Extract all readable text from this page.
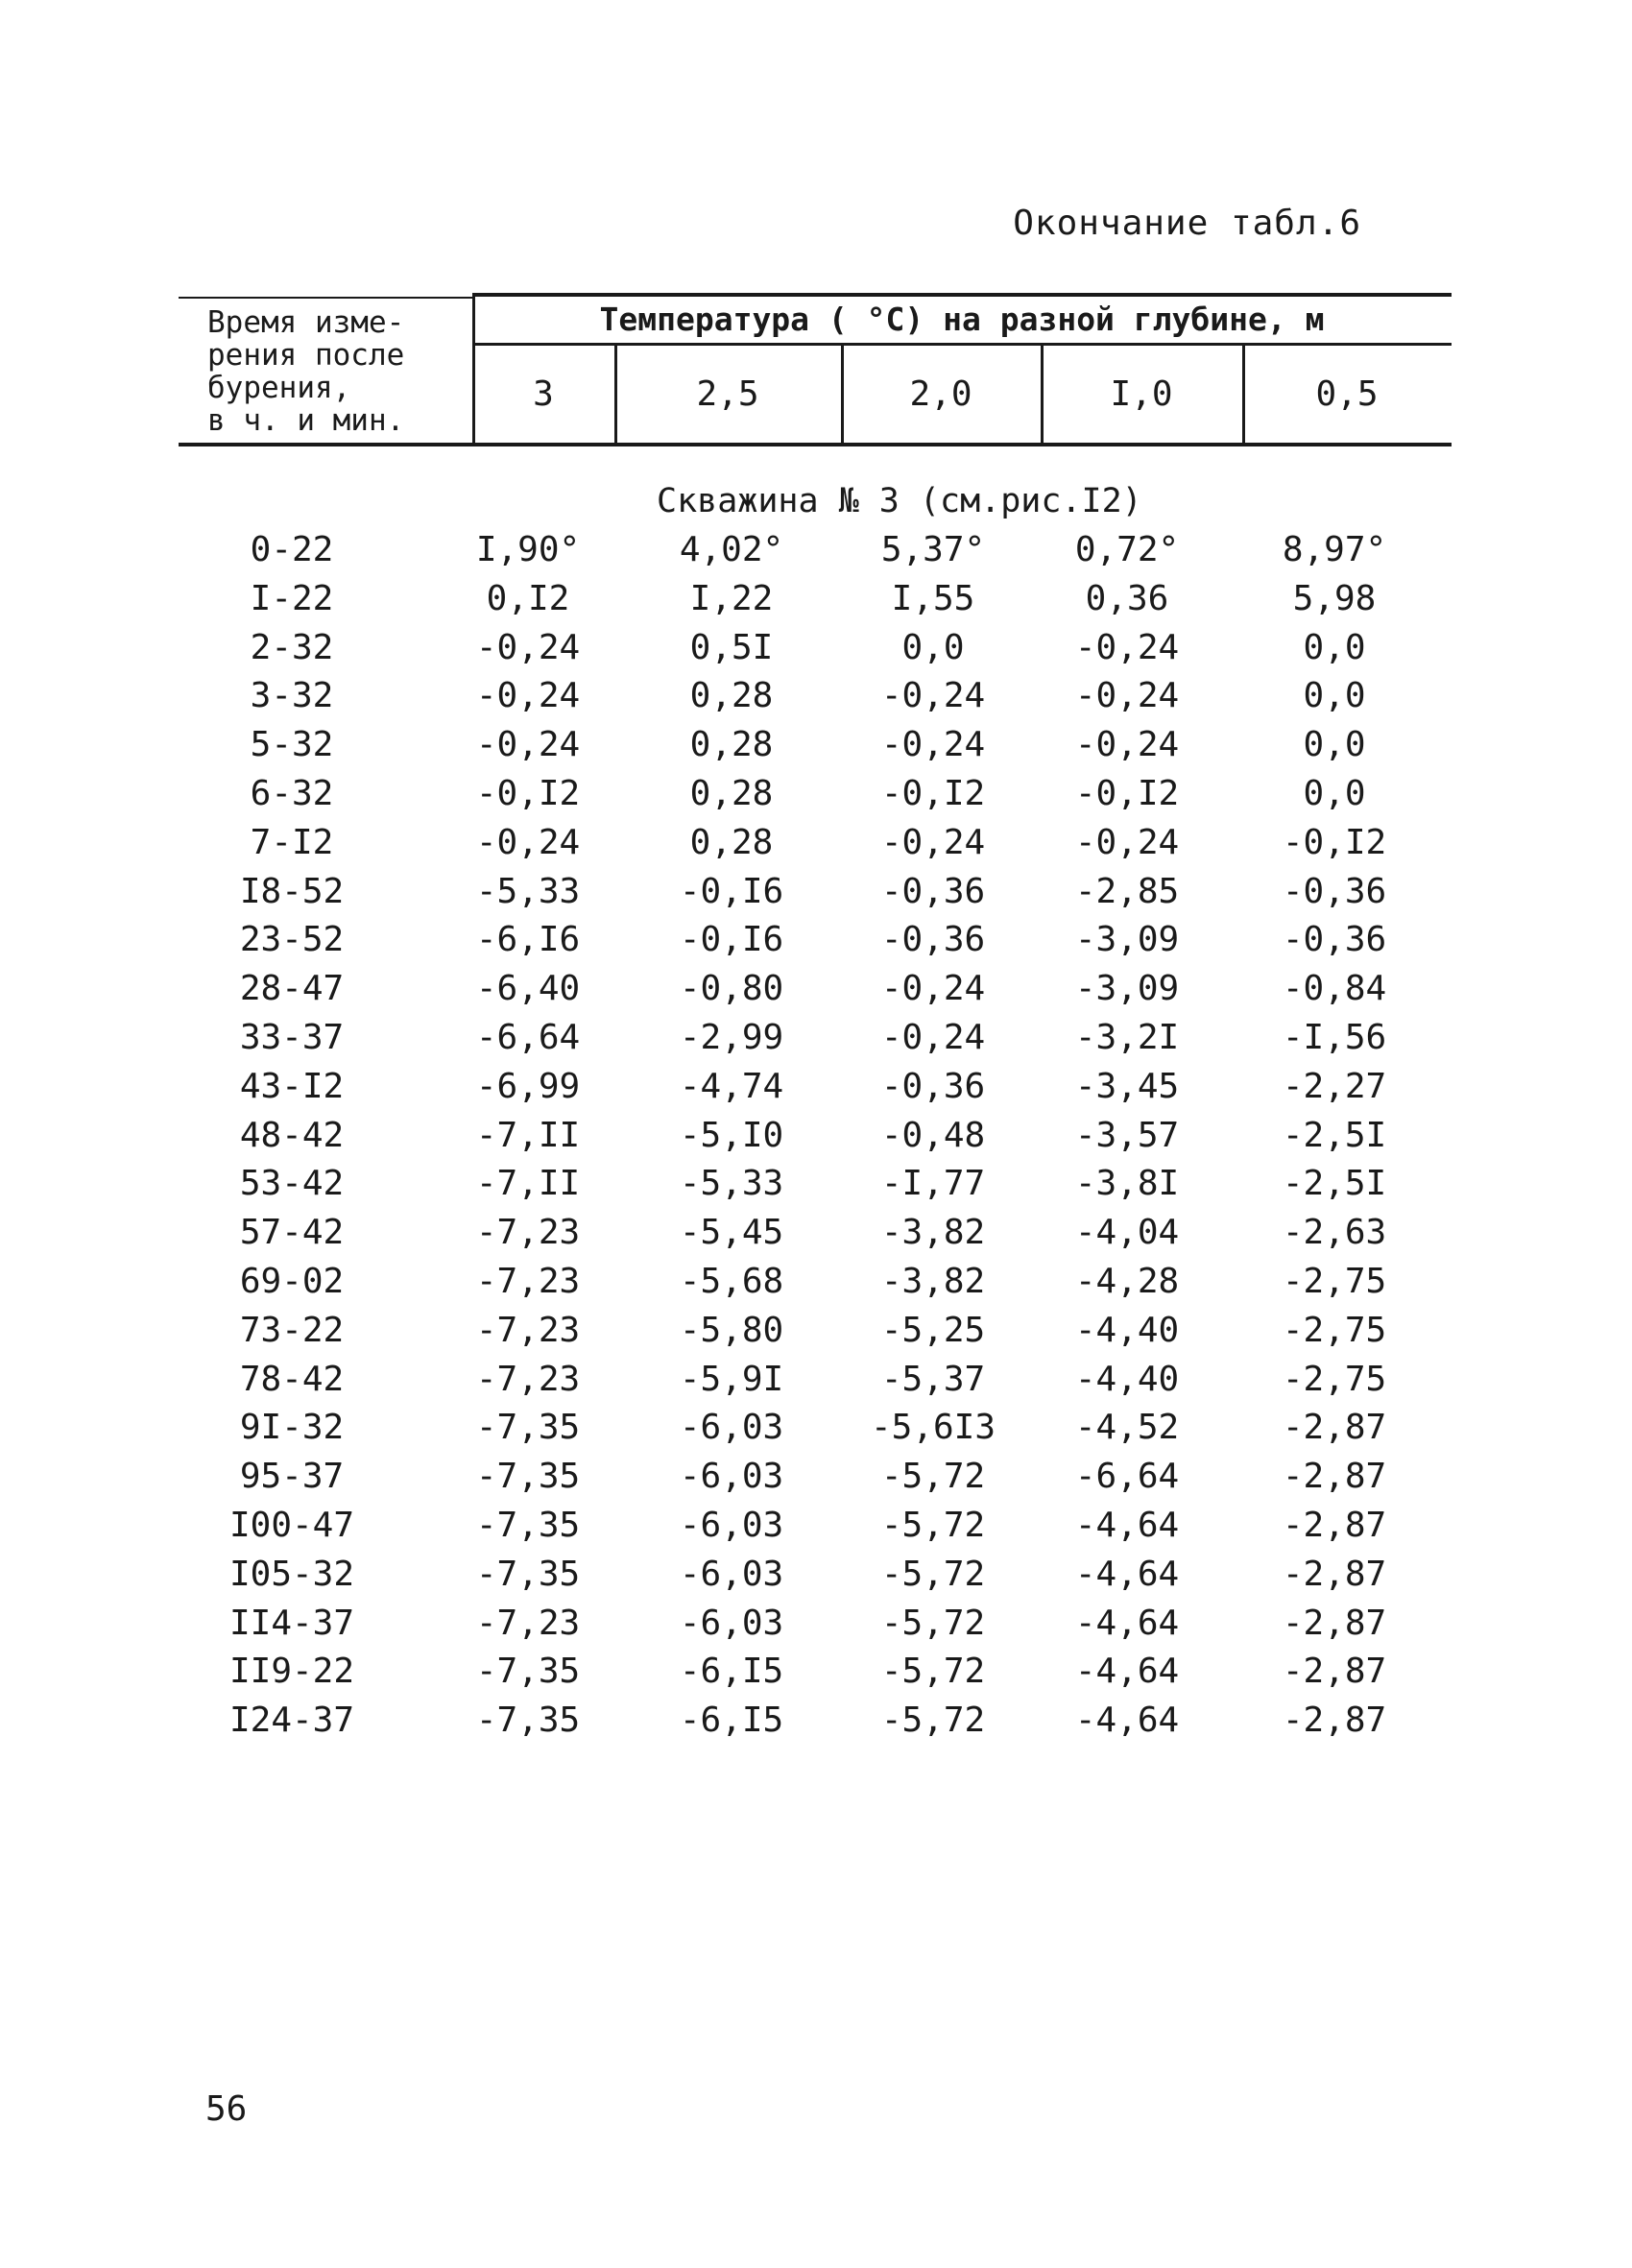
Окончание табл.6
Время изме-
рения после
бурения,
в ч. и мин.
Температура ( °C) на разной глубине, м
3	2,5	2,0	I,0	0,5
Скважина № 3 (см.рис.I2)
0-22	I,90°	4,02°	5,37°	0,72°	8,97°
I-22	0,I2	I,22	I,55	0,36	5,98
2-32	-0,24	0,5I	0,0	-0,24	0,0
3-32	-0,24	0,28	-0,24	-0,24	0,0
5-32	-0,24	0,28	-0,24	-0,24	0,0
6-32	-0,I2	0,28	-0,I2	-0,I2	0,0
7-I2	-0,24	0,28	-0,24	-0,24	-0,I2
I8-52	-5,33	-0,I6	-0,36	-2,85	-0,36
23-52	-6,I6	-0,I6	-0,36	-3,09	-0,36
28-47	-6,40	-0,80	-0,24	-3,09	-0,84
33-37	-6,64	-2,99	-0,24	-3,2I	-I,56
43-I2	-6,99	-4,74	-0,36	-3,45	-2,27
48-42	-7,II	-5,I0	-0,48	-3,57	-2,5I
53-42	-7,II	-5,33	-I,77	-3,8I	-2,5I
57-42	-7,23	-5,45	-3,82	-4,04	-2,63
69-02	-7,23	-5,68	-3,82	-4,28	-2,75
73-22	-7,23	-5,80	-5,25	-4,40	-2,75
78-42	-7,23	-5,9I	-5,37	-4,40	-2,75
9I-32	-7,35	-6,03	-5,6I3	-4,52	-2,87
95-37	-7,35	-6,03	-5,72	-6,64	-2,87
I00-47	-7,35	-6,03	-5,72	-4,64	-2,87
I05-32	-7,35	-6,03	-5,72	-4,64	-2,87
II4-37	-7,23	-6,03	-5,72	-4,64	-2,87
II9-22	-7,35	-6,I5	-5,72	-4,64	-2,87
I24-37	-7,35	-6,I5	-5,72	-4,64	-2,87
56
